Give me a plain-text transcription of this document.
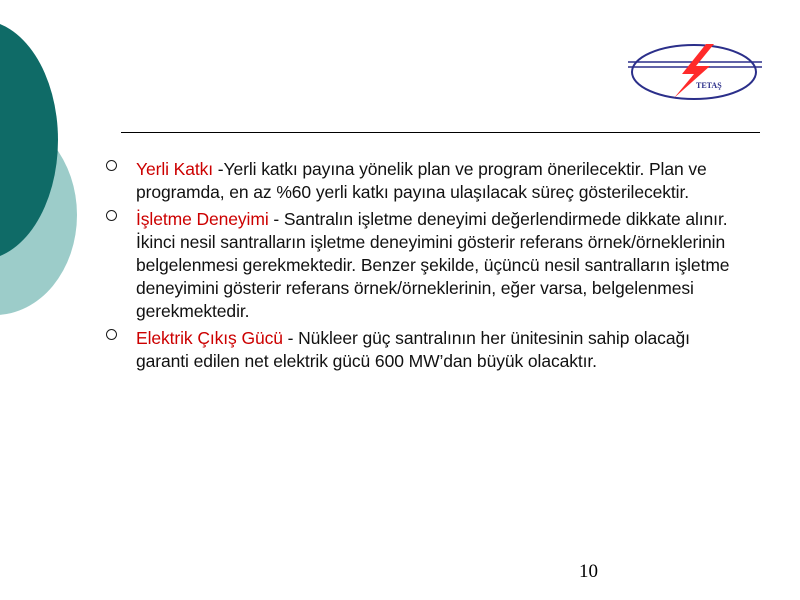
TETAŞ
Yerli Katkı -Yerli katkı payına yönelik plan ve program önerilecektir. Plan ve programda, en az %60 yerli katkı payına ulaşılacak süreç gösterilecektir.
İşletme Deneyimi - Santralın işletme deneyimi değerlendirmede dikkate alınır. İkinci nesil santralların işletme deneyimini gösterir referans örnek/örneklerinin belgelenmesi gerekmektedir. Benzer şekilde, üçüncü nesil santralların işletme deneyimini gösterir referans örnek/örneklerinin, eğer varsa, belgelenmesi gerekmektedir.
Elektrik Çıkış Gücü - Nükleer güç santralının her ünitesinin sahip olacağı garanti edilen net elektrik gücü 600 MW’dan büyük olacaktır.
10
